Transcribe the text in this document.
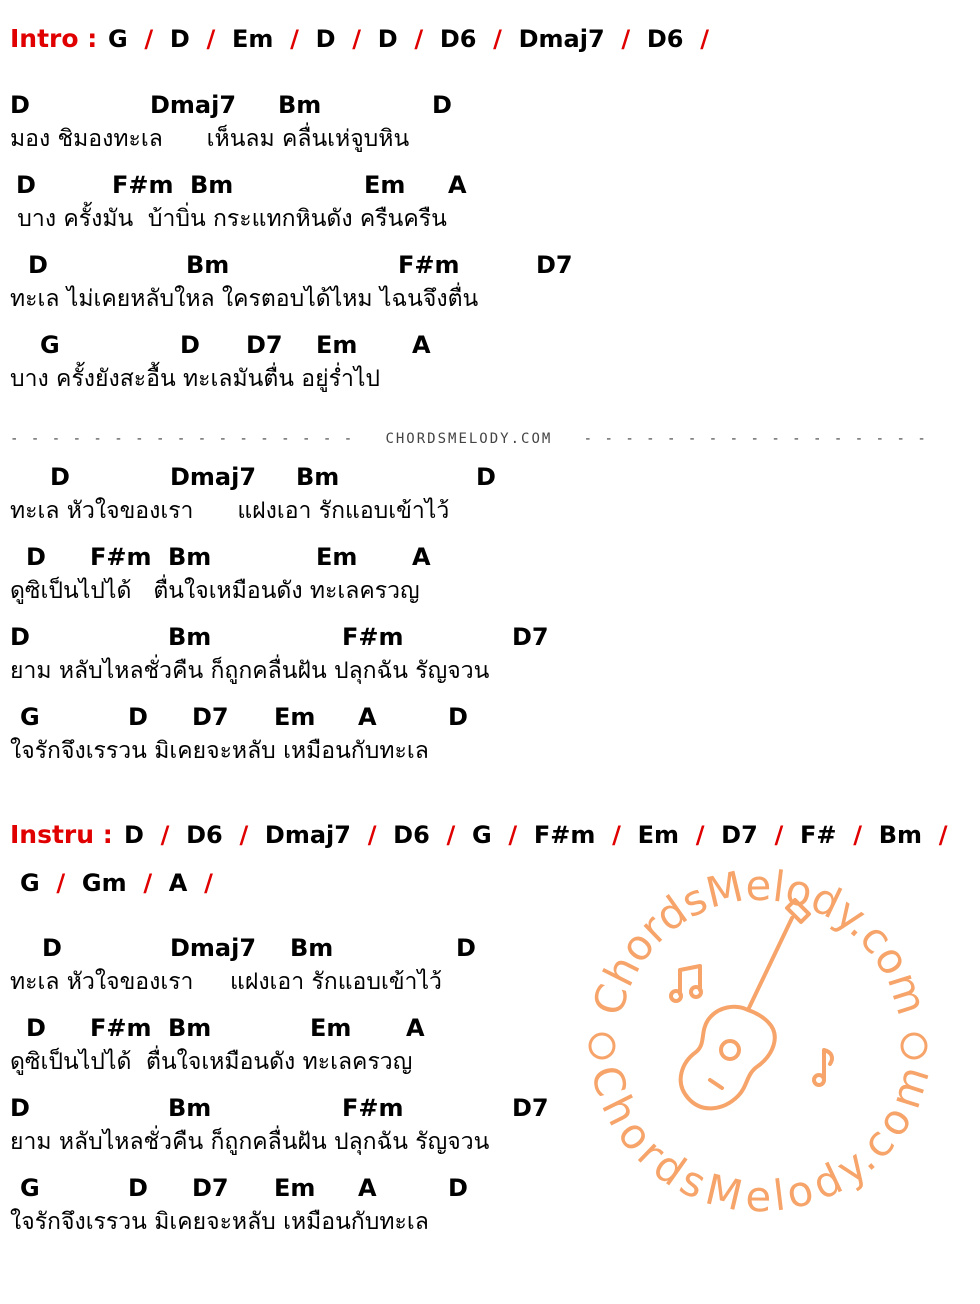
Intro : G  /  D  /  Em  /  D  /  D  /  D6  /  Dmaj7  /  D6  /

D

	Dmaj7

Bm

	D

มอง ชิมองทะเล      เห็นลม คลื่นเห่จูบหิน

D

	F#m

Bm

	Em

A

บาง ครั้งมัน  บ้าบิ่น กระแทกหินดัง ครืนครืน

D

	Bm

	F#m

	D7

ทะเล ไม่เคยหลับใหล ใครตอบได้ไหม ไฉนจึงตื่น

G

	D

D7

Em

A

บาง ครั้งยังสะอื้น ทะเลมันตื่น อยู่ร่ำไป
- - - - - - - - - - - - - - - - - CHORDSMELODY.COM - - - - - - - - - - - - - - - - -

D

	Dmaj7

Bm

	D

ทะเล หัวใจของเรา      แฝงเอา รักแอบเข้าไว้

D

F#m

Bm

	Em

A

ดูซิเป็นไปได้   ตื่นใจเหมือนดัง ทะเลครวญ

D

	Bm

	F#m

	D7

ยาม หลับไหลชั่วคืน ก็ถูกคลื่นฝัน ปลุกฉัน รัญจวน

G

	D

D7

Em

A

	D

ใจรักจึงเรรวน มิเคยจะหลับ เหมือนกับทะเล
Instru : D  /  D6  /  Dmaj7  /  D6  /  G  /  F#m  /  Em  /  D7  /  F#  /  Bm  /
G  /  Gm  /  A  /
ChordsMelody.com
ChordsMelody.com

D

	Dmaj7

Bm

	D

ทะเล หัวใจของเรา     แฝงเอา รักแอบเข้าไว้

D

F#m

Bm

	Em

A

ดูซิเป็นไปได้  ตื่นใจเหมือนดัง ทะเลครวญ

D

	Bm

	F#m

	D7

ยาม หลับไหลชั่วคืน ก็ถูกคลื่นฝัน ปลุกฉัน รัญจวน

G

	D

D7

Em

A

	D

ใจรักจึงเรรวน มิเคยจะหลับ เหมือนกับทะเล
